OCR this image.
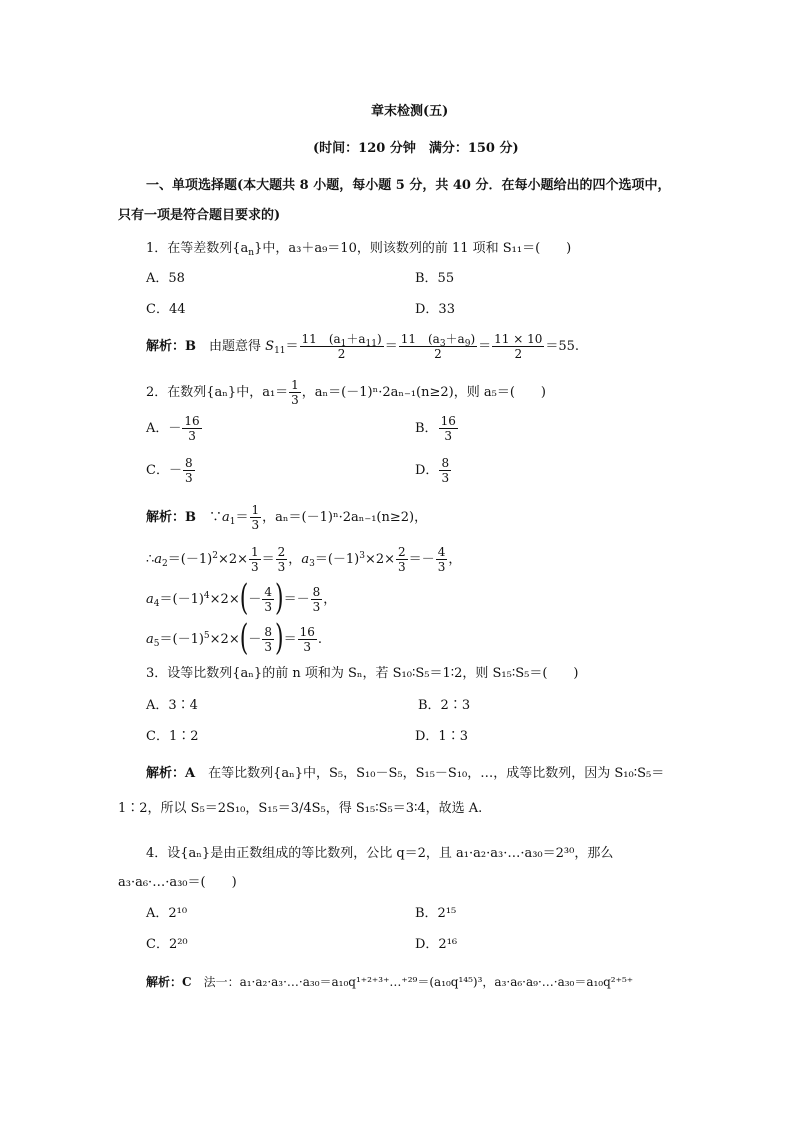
章末检测(五)
(时间：120 分钟　满分：150 分)
一、单项选择题(本大题共 8 小题，每小题 5 分，共 40 分．在每小题给出的四个选项中，
只有一项是符合题目要求的)
1．在等差数列$\{a_n\}$中，a₃＋a₉＝10，则该数列的前 11 项和 S₁₁＝(　　)
A．58	B．55
C．44	D．33
解析：B　 由题意得 $S_{11}= \frac{11 (a_1+a_{11})}{2} = \frac{11 (a_3+a_9)}{2} = \frac{11 \times 10}{2} =55$.
2．在数列{aₙ}中，$a_1= \frac{1}{3}$ ，aₙ＝(－1)ⁿ·2aₙ₋₁(n≥2)，则 a₅＝(　　)
A．－ $\frac{16}{3}$	B． $\frac{16}{3}$
C．－ $\frac{8}{3}$	D． $\frac{8}{3}$
解析：B　$\because a_1= \frac{1}{3}$ ，aₙ＝(－1)ⁿ·2aₙ₋₁(n≥2)，
$\therefore a_2=(-1)^2\times 2\times \frac{1}{3} = \frac{2}{3}$ ，$a_3=(-1)^3\times 2\times \frac{2}{3} =- \frac{4}{3}$ ，
$a_4=(-1)^4\times 2\times(- \frac{4}{3}$ )＝－ $\frac{8}{3}$ ，
$a_5=(-1)^5\times 2\times(- \frac{8}{3}$ )＝ $\frac{16}{3}$ .
3．设等比数列{aₙ}的前 n 项和为 Sₙ，若 S₁₀∶S₅＝1∶2，则 S₁₅∶S₅＝(　　)
A．3∶4	B．2∶3
C．1∶2	D．1∶3
解析：A　 在等比数列{aₙ}中，S₅，S₁₀－S₅，S₁₅－S₁₀，…，成等比数列，因为 S₁₀∶S₅＝
1∶2，所以 S₅＝2S₁₀，S₁₅＝3/4S₅，得 S₁₅∶S₅＝3∶4，故选 A.
4．设{aₙ}是由正数组成的等比数列，公比 q＝2，且 a₁·a₂·a₃·…·a₃₀＝2³⁰，那么
a₃·a₆·…·a₃₀＝(　　)
A．2¹⁰	B．2¹⁵
C．2²⁰	D．2¹⁶
解析：C　 法一：a₁·a₂·a₃·…·a₃₀＝a₁₀q¹⁺²⁺³⁺…⁺²⁹＝(a₁₀q¹⁴⁵)³，a₃·a₆·a₉·…·a₃₀＝a₁₀q²⁺⁵⁺
